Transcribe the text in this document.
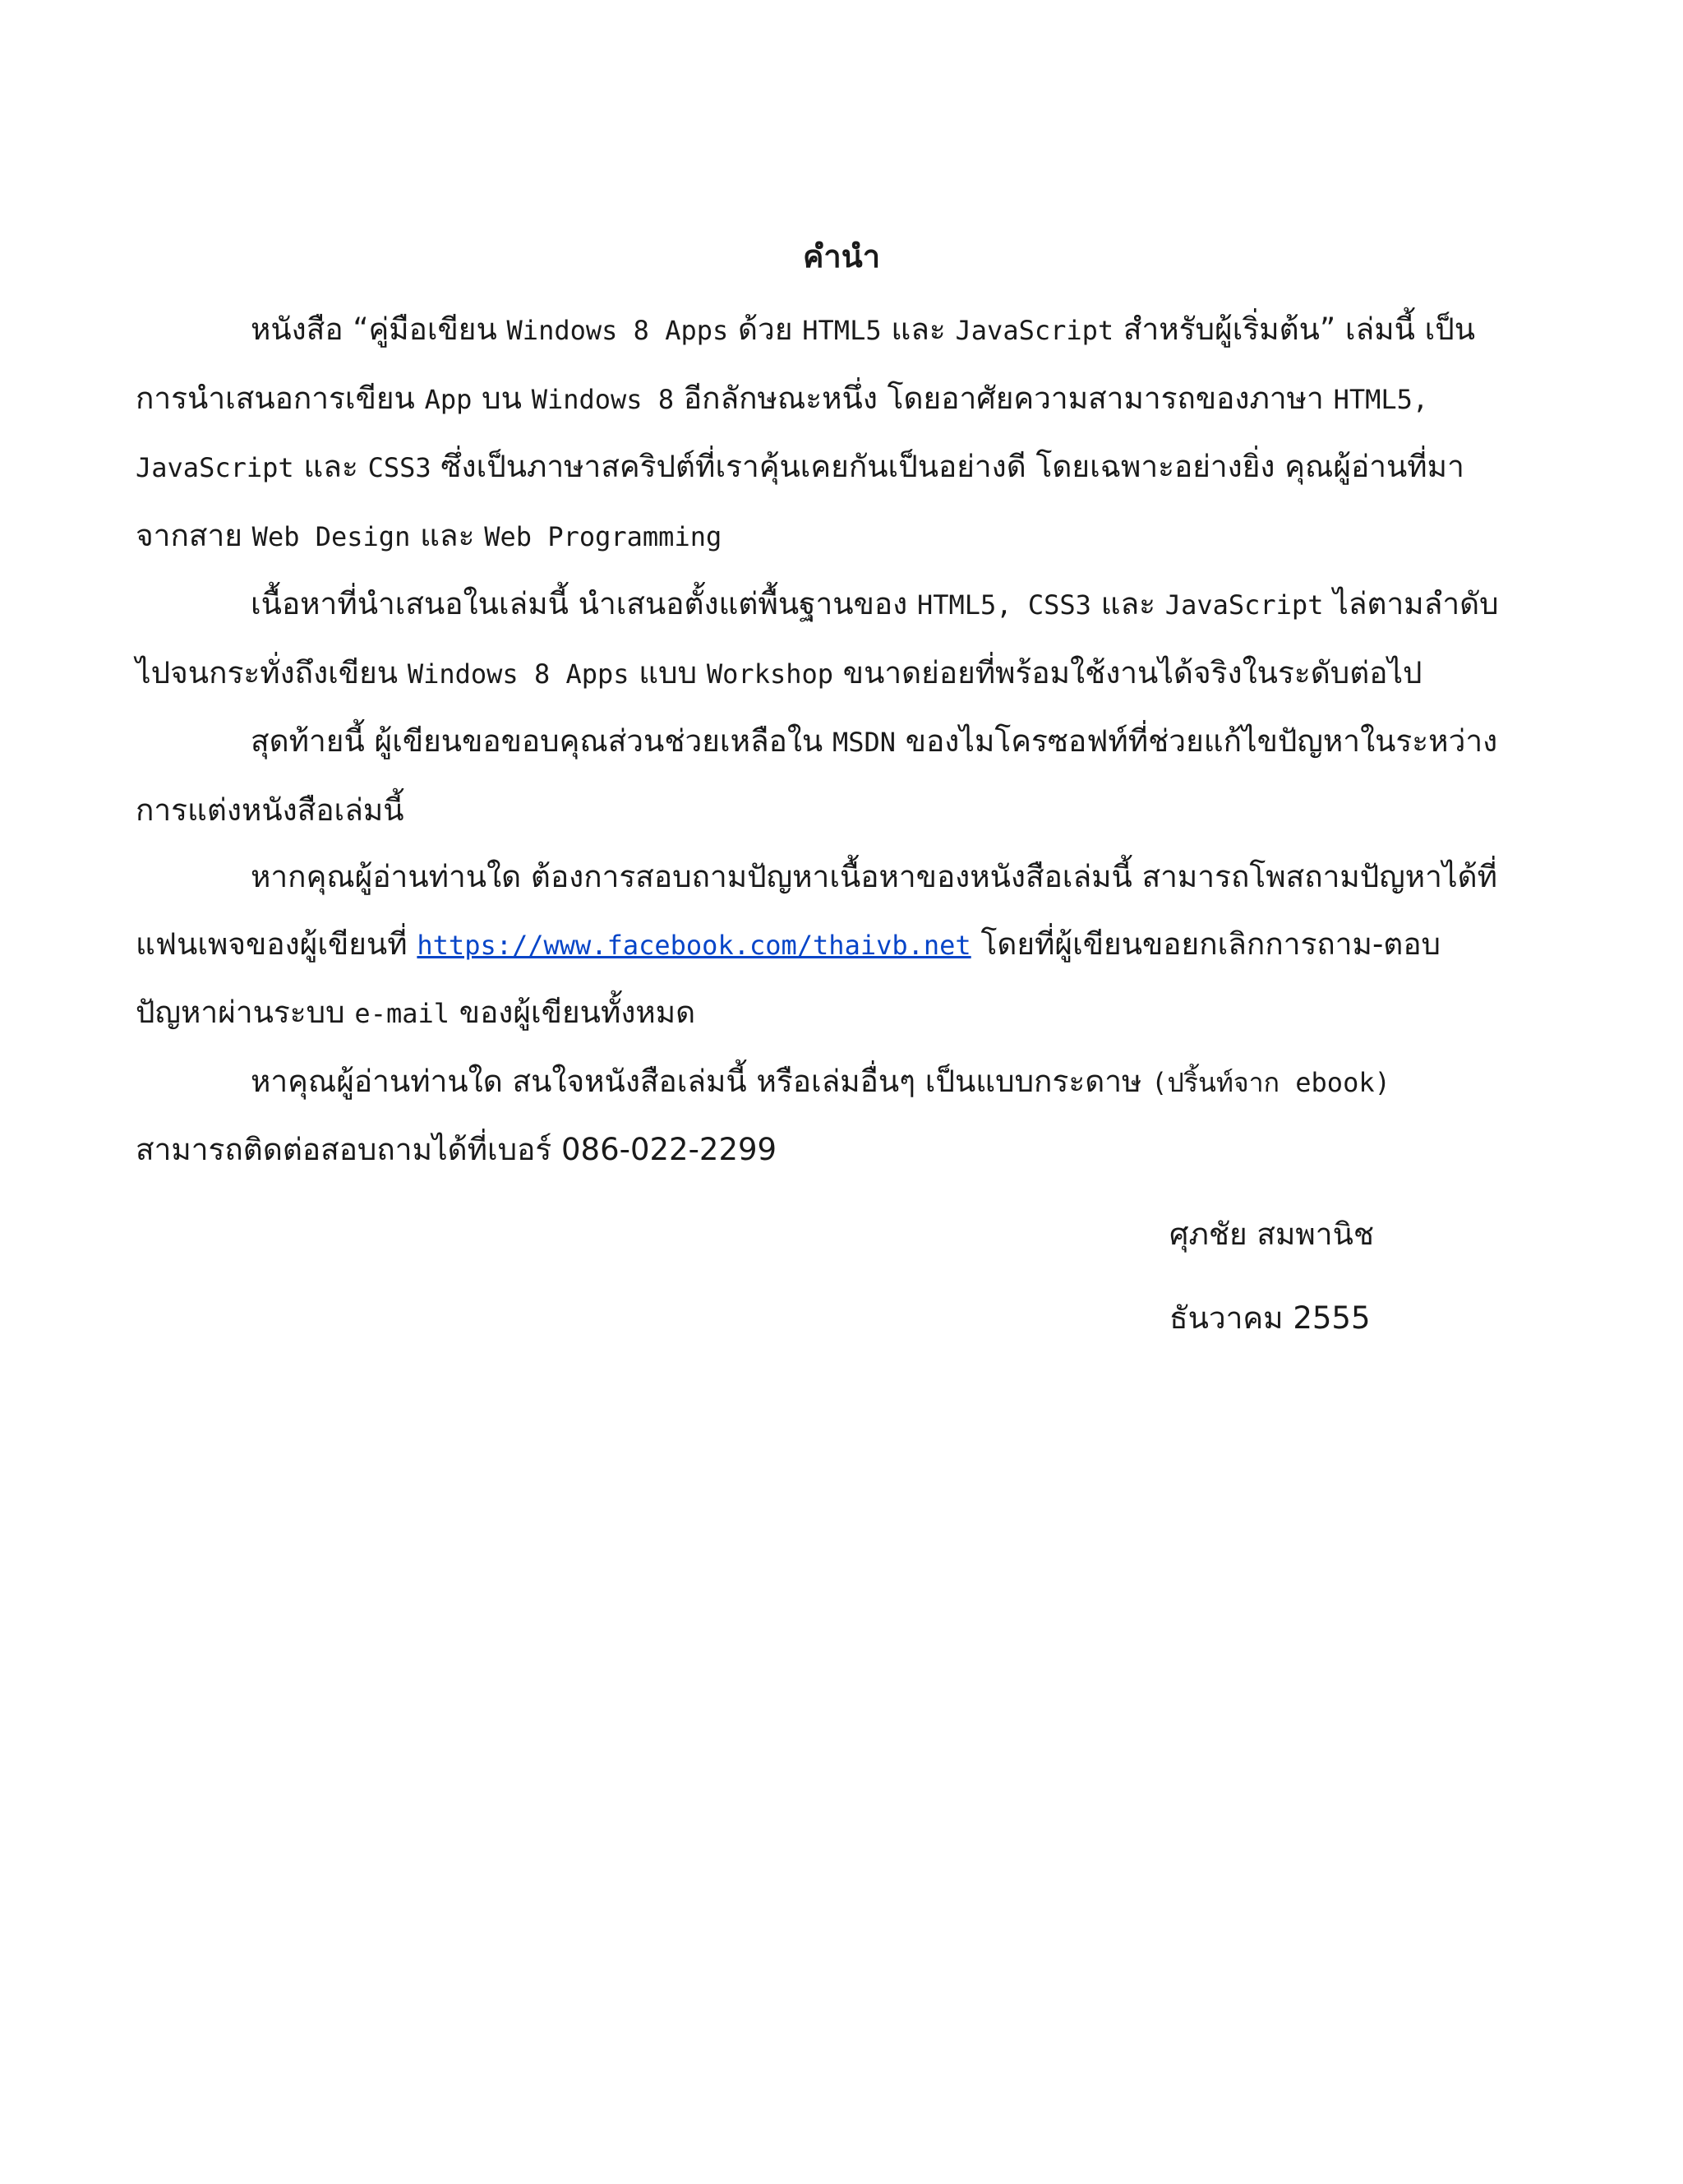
คำนำ

หนังสือ “คู่มือเขียน Windows 8 Apps ด้วย HTML5 และ JavaScript สำหรับผู้เริ่มต้น” เล่มนี้ เป็น
การนำเสนอการเขียน App บน Windows 8 อีกลักษณะหนึ่ง โดยอาศัยความสามารถของภาษา HTML5,
JavaScript และ CSS3 ซึ่งเป็นภาษาสคริปต์ที่เราคุ้นเคยกันเป็นอย่างดี โดยเฉพาะอย่างยิ่ง คุณผู้อ่านที่มา
จากสาย Web Design และ Web Programming

เนื้อหาที่นำเสนอในเล่มนี้ นำเสนอตั้งแต่พื้นฐานของ HTML5, CSS3 และ JavaScript ไล่ตามลำดับ
ไปจนกระทั่งถึงเขียน Windows 8 Apps แบบ Workshop ขนาดย่อยที่พร้อมใช้งานได้จริงในระดับต่อไป

สุดท้ายนี้ ผู้เขียนขอขอบคุณส่วนช่วยเหลือใน MSDN ของไมโครซอฟท์ที่ช่วยแก้ไขปัญหาในระหว่าง
การแต่งหนังสือเล่มนี้

หากคุณผู้อ่านท่านใด ต้องการสอบถามปัญหาเนื้อหาของหนังสือเล่มนี้ สามารถโพสถามปัญหาได้ที่
แฟนเพจของผู้เขียนที่ https://www.facebook.com/thaivb.net โดยที่ผู้เขียนขอยกเลิกการถาม-ตอบ
ปัญหาผ่านระบบ e-mail ของผู้เขียนทั้งหมด

หาคุณผู้อ่านท่านใด สนใจหนังสือเล่มนี้ หรือเล่มอื่นๆ เป็นแบบกระดาษ (ปริ้นท์จาก ebook)
สามารถติดต่อสอบถามได้ที่เบอร์ 086-022-2299

ศุภชัย สมพานิช
ธันวาคม 2555
